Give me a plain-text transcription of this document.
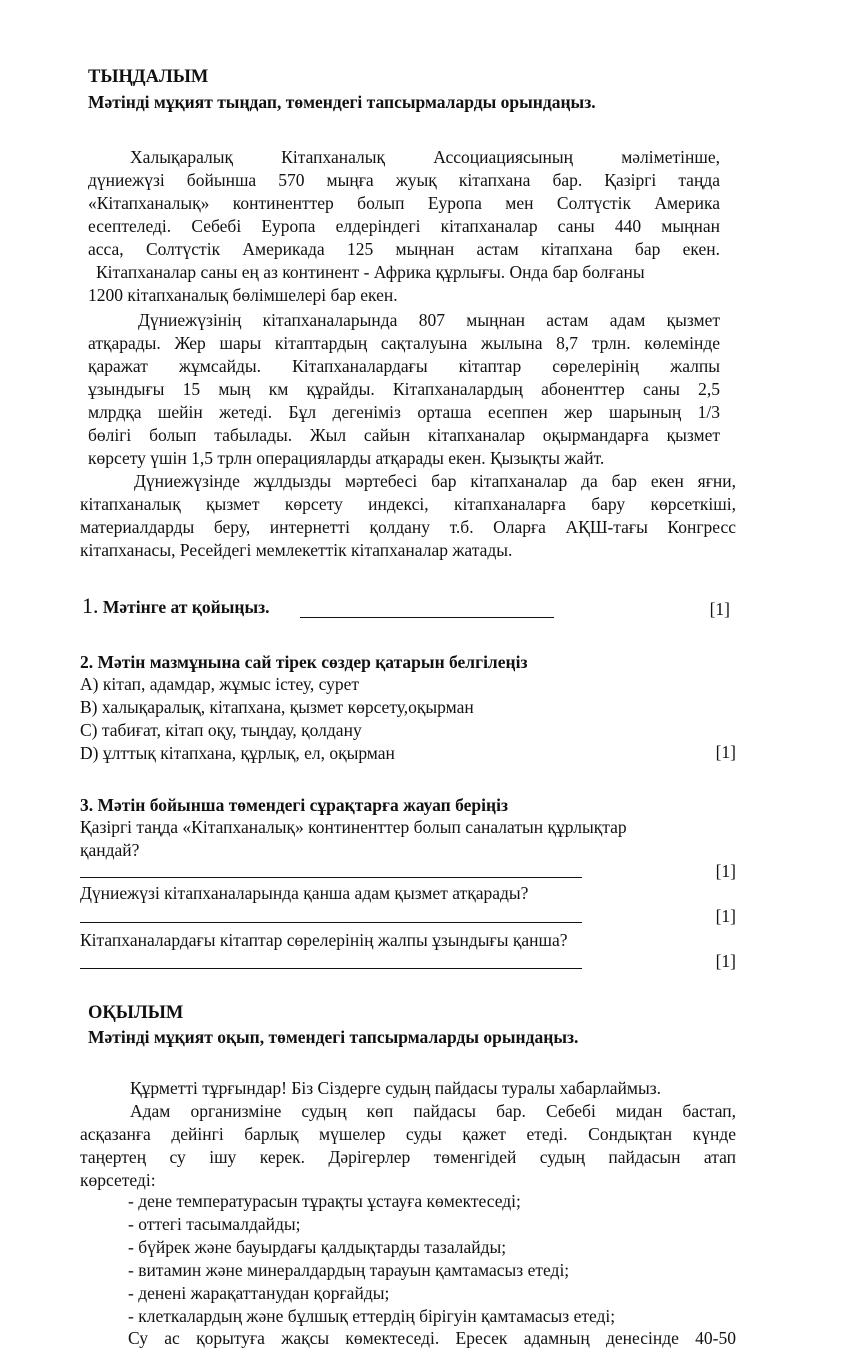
ТЫҢДАЛЫМ
Мәтінді мұқият тыңдап, төмендегі тапсырмаларды орындаңыз.
Халықаралық Кітапханалық Ассоциациясының мәліметінше,
дүниежүзі бойынша 570 мыңға жуық кітапхана бар. Қазіргі таңда
«Кітапханалық» континенттер болып Еуропа мен Солтүстік Америка
есептеледі. Себебі Еуропа елдеріндегі кітапханалар саны 440 мыңнан
асса, Солтүстік Америкада 125 мыңнан астам кітапхана бар екен.
Кітапханалар саны ең аз континент - Африка құрлығы. Онда бар болғаны
1200 кітапханалық бөлімшелері бар екен.
Дүниежүзінің кітапханаларында 807 мыңнан астам адам қызмет
атқарады. Жер шары кітаптардың сақталуына жылына 8,7 трлн. көлемінде
қаражат жұмсайды. Кітапханалардағы кітаптар сөрелерінің жалпы
ұзындығы 15 мың км құрайды. Кітапханалардың абоненттер саны 2,5
млрдқа шейін жетеді. Бұл дегеніміз орташа есеппен жер шарының 1/3
бөлігі болып табылады. Жыл сайын кітапханалар оқырмандарға қызмет
көрсету үшін 1,5 трлн операцияларды атқарады екен. Қызықты жайт.
Дүниежүзінде жұлдызды мәртебесі бар кітапханалар да бар екен яғни,
кітапханалық қызмет көрсету индексі, кітапханаларға бару көрсеткіші,
материалдарды беру, интернетті қолдану т.б. Оларға АҚШ-тағы Конгресс
кітапханасы, Ресейдегі мемлекеттік кітапханалар жатады.
1. Мәтінге ат қойыңыз.	[1]
2. Мәтін мазмұнына сай тірек сөздер қатарын белгілеңіз
A) кітап, адамдар, жұмыс істеу, сурет
B) халықаралық, кітапхана, қызмет көрсету,оқырман
C) табиғат, кітап оқу, тыңдау, қолдану
D) ұлттық кітапхана, құрлық, ел, оқырман	[1]
3. Мәтін бойынша төмендегі сұрақтарға жауап беріңіз
Қазіргі таңда «Кітапханалық» континенттер болып саналатын құрлықтар
қандай?
[1]
Дүниежүзі кітапханаларында қанша адам қызмет атқарады?
[1]
Кітапханалардағы кітаптар сөрелерінің жалпы ұзындығы қанша?
[1]
ОҚЫЛЫМ
Мәтінді мұқият оқып, төмендегі тапсырмаларды орындаңыз.
Құрметті тұрғындар! Біз Сіздерге судың пайдасы туралы хабарлаймыз.
Адам организміне судың көп пайдасы бар. Себебі мидан бастап,
асқазанға дейінгі барлық мүшелер суды қажет етеді. Сондықтан күнде
таңертең су ішу керек. Дәрігерлер төменгідей судың пайдасын атап
көрсетеді:
- дене температурасын тұрақты ұстауға көмектеседі;
- оттегі тасымалдайды;
- бүйрек және бауырдағы қалдықтарды тазалайды;
- витамин және минералдардың тарауын қамтамасыз етеді;
- денені жарақаттанудан қорғайды;
- клеткалардың және бұлшық еттердің бірігуін қамтамасыз етеді;
Су ас қорытуға жақсы көмектеседі. Ересек адамның денесінде 40-50
